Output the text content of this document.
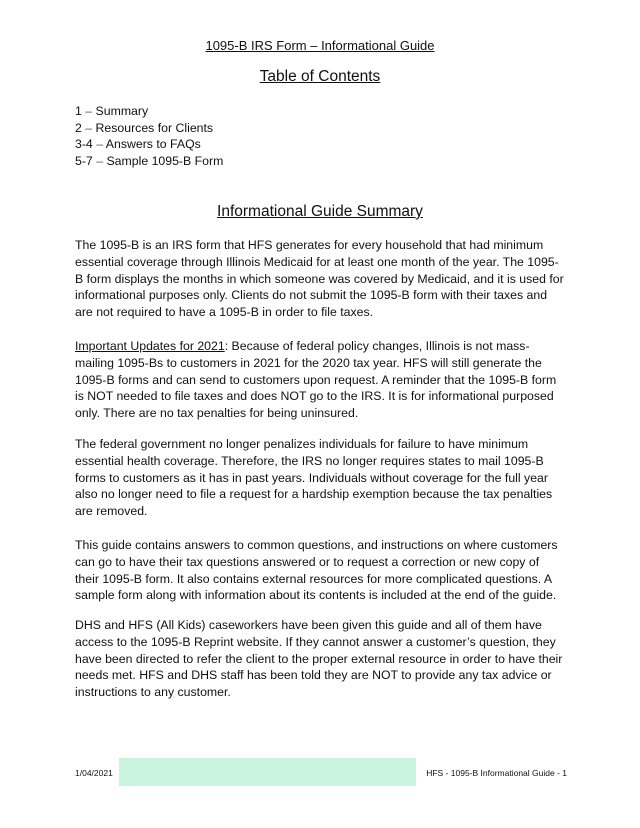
1095-B IRS Form – Informational Guide
Table of Contents
1 – Summary
2 – Resources for Clients
3-4 – Answers to FAQs
5-7 – Sample 1095-B Form
Informational Guide Summary

The 1095-B is an IRS form that HFS generates for every household that had minimum essential coverage through Illinois Medicaid for at least one month of the year. The 1095-B form displays the months in which someone was covered by Medicaid, and it is used for informational purposes only. Clients do not submit the 1095-B form with their taxes and are not required to have a 1095-B in order to file taxes.

Important Updates for 2021: Because of federal policy changes, Illinois is not mass-mailing 1095-Bs to customers in 2021 for the 2020 tax year. HFS will still generate the 1095-B forms and can send to customers upon request. A reminder that the 1095-B form is NOT needed to file taxes and does NOT go to the IRS. It is for informational purposed only. There are no tax penalties for being uninsured.

The federal government no longer penalizes individuals for failure to have minimum essential health coverage. Therefore, the IRS no longer requires states to mail 1095-B forms to customers as it has in past years. Individuals without coverage for the full year also no longer need to file a request for a hardship exemption because the tax penalties are removed.

This guide contains answers to common questions, and instructions on where customers can go to have their tax questions answered or to request a correction or new copy of their 1095-B form. It also contains external resources for more complicated questions. A sample form along with information about its contents is included at the end of the guide.

DHS and HFS (All Kids) caseworkers have been given this guide and all of them have access to the 1095-B Reprint website. If they cannot answer a customer’s question, they have been directed to refer the client to the proper external resource in order to have their needs met. HFS and DHS staff has been told they are NOT to provide any tax advice or instructions to any customer.

1/04/2021	HFS - 1095-B Informational Guide - 1
